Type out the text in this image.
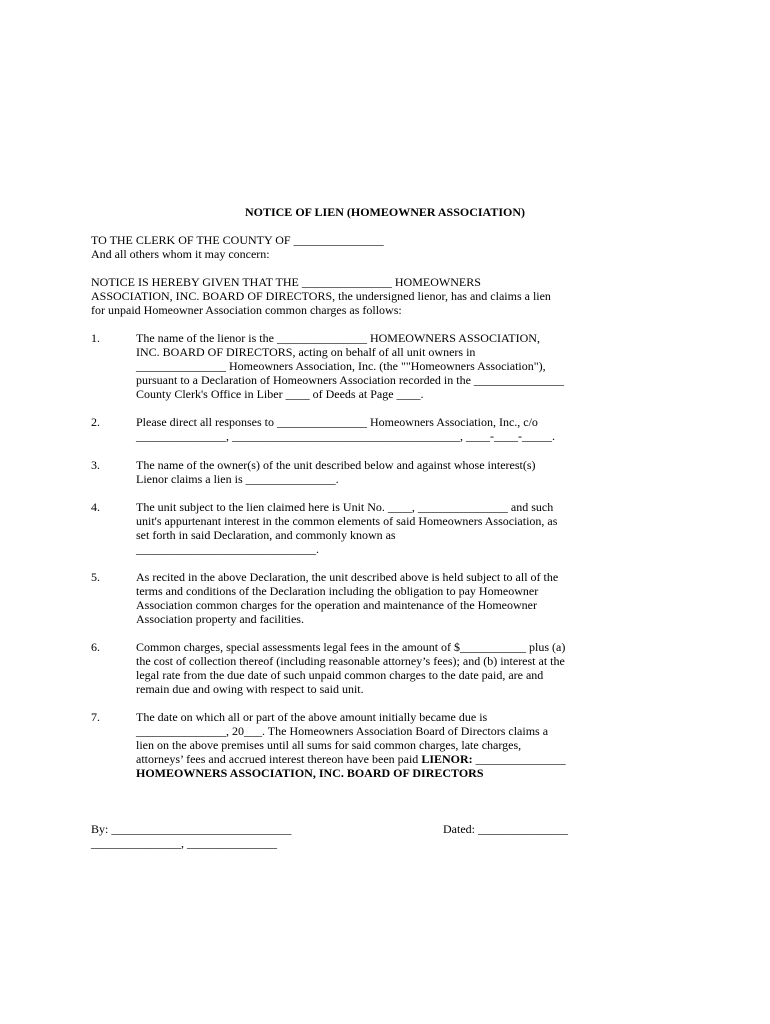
NOTICE OF LIEN (HOMEOWNER ASSOCIATION)
TO THE CLERK OF THE COUNTY OF _______________
And all others whom it may concern:
NOTICE IS HEREBY GIVEN THAT THE _______________ HOMEOWNERS
ASSOCIATION, INC. BOARD OF DIRECTORS, the undersigned lienor, has and claims a lien
for unpaid Homeowner Association common charges as follows:
1.	The name of the lienor is the _______________ HOMEOWNERS ASSOCIATION,
INC. BOARD OF DIRECTORS, acting on behalf of all unit owners in
_______________ Homeowners Association, Inc. (the ""Homeowners Association"),
pursuant to a Declaration of Homeowners Association recorded in the _______________
County Clerk's Office in Liber ____ of Deeds at Page ____.
2.	Please direct all responses to _______________ Homeowners Association, Inc., c/o
_______________, ______________________________________, ____-____-_____.
3.	The name of the owner(s) of the unit described below and against whose interest(s)
Lienor claims a lien is _______________.
4.	The unit subject to the lien claimed here is Unit No. ____, _______________ and such
unit's appurtenant interest in the common elements of said Homeowners Association, as
set forth in said Declaration, and commonly known as
______________________________.
5.	As recited in the above Declaration, the unit described above is held subject to all of the
terms and conditions of the Declaration including the obligation to pay Homeowner
Association common charges for the operation and maintenance of the Homeowner
Association property and facilities.
6.	Common charges, special assessments legal fees in the amount of $___________ plus (a)
the cost of collection thereof (including reasonable attorney’s fees); and (b) interest at the
legal rate from the due date of such unpaid common charges to the date paid, are and
remain due and owing with respect to said unit.
7.	The date on which all or part of the above amount initially became due is
_______________, 20___. The Homeowners Association Board of Directors claims a
lien on the above premises until all sums for said common charges, late charges,
attorneys’ fees and accrued interest thereon have been paid LIENOR: _______________
HOMEOWNERS ASSOCIATION, INC. BOARD OF DIRECTORS
By: ______________________________	Dated: _______________
_______________, _______________
